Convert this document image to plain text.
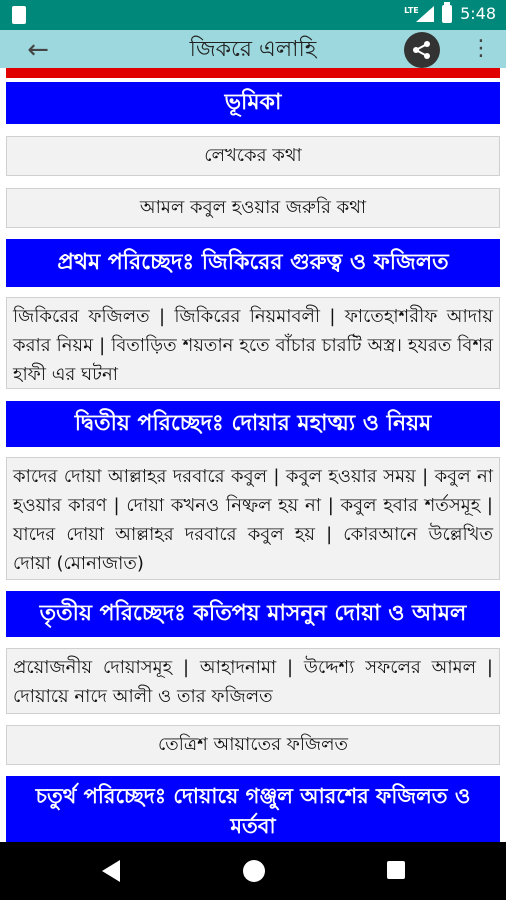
LTE	5:48
জিকরে এলাহি
←	⋮
ভূমিকা
লেখকের কথা
আমল কবুল হওয়ার জরুরি কথা
প্রথম পরিচ্ছেদঃ জিকিরের গুরুত্ব ও ফজিলত
জিকিরের ফজিলত | জিকিরের নিয়মাবলী | ফাতেহাশরীফ আদায় করার নিয়ম | বিতাড়িত শয়তান হতে বাঁচার চারটি অস্ত্র। হযরত বিশর হাফী এর ঘটনা
দ্বিতীয় পরিচ্ছেদঃ দোয়ার মহাত্ম্য ও নিয়ম
কাদের দোয়া আল্লাহর দরবারে কবুল | কবুল হওয়ার সময় | কবুল না হওয়ার কারণ | দোয়া কখনও নিষ্ফল হয় না | কবুল হবার শর্তসমূহ | যাদের দোয়া আল্লাহর দরবারে কবুল হয় | কোরআনে উল্লেখিত দোয়া (মোনাজাত)
তৃতীয় পরিচ্ছেদঃ কতিপয় মাসনুন দোয়া ও আমল
প্রয়োজনীয় দোয়াসমূহ | আহাদনামা | উদ্দেশ্য সফলের আমল | দোয়ায়ে নাদে আলী ও তার ফজিলত
তেত্রিশ আয়াতের ফজিলত
চতুর্থ পরিচ্ছেদঃ দোয়ায়ে গঞ্জুল আরশের ফজিলত ও মর্তবা
